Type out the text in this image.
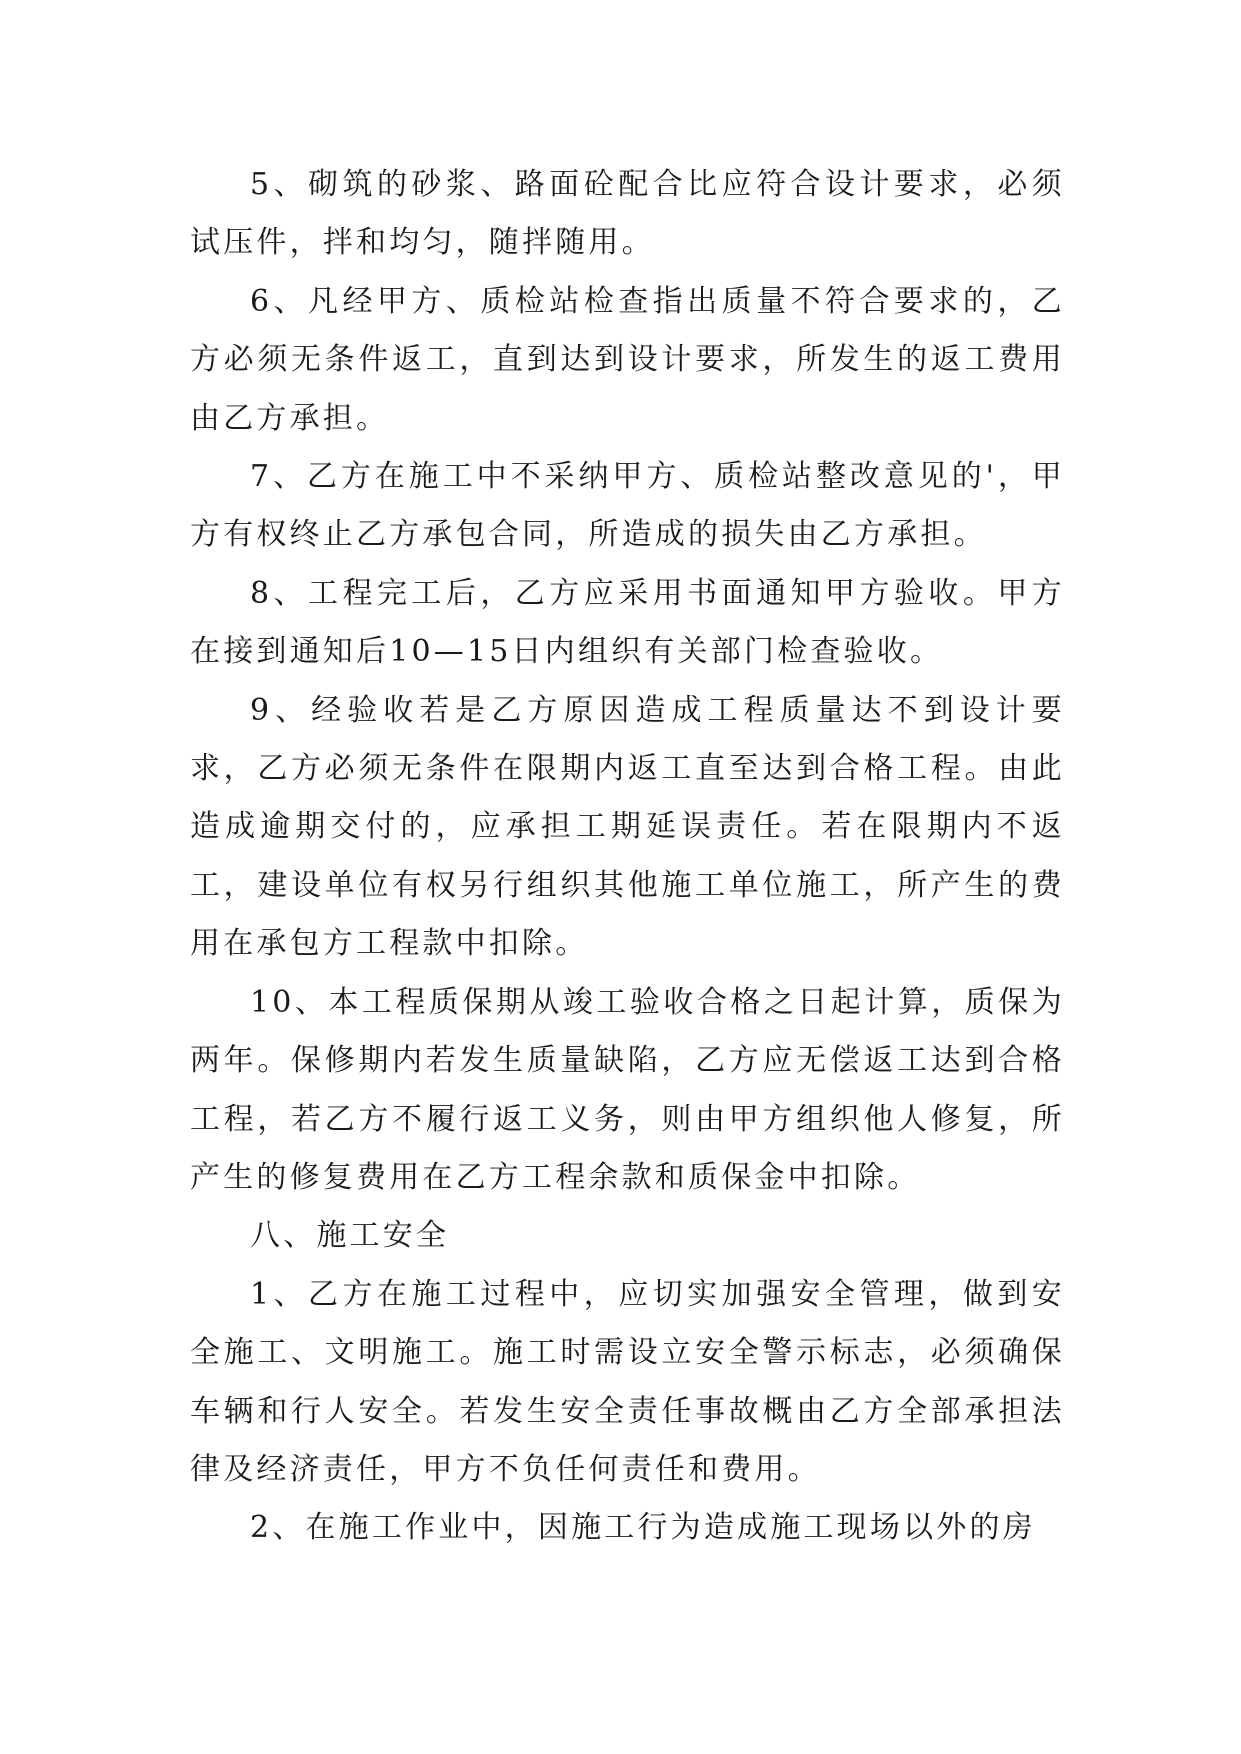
5、砌筑的砂浆、路面砼配合比应符合设计要求，必须试压件，拌和均匀，随拌随用。

6、凡经甲方、质检站检查指出质量不符合要求的，乙方必须无条件返工，直到达到设计要求，所发生的返工费用由乙方承担。

7、乙方在施工中不采纳甲方、质检站整改意见的'，甲方有权终止乙方承包合同，所造成的损失由乙方承担。

8、工程完工后，乙方应采用书面通知甲方验收。甲方在接到通知后10—15日内组织有关部门检查验收。

9、经验收若是乙方原因造成工程质量达不到设计要求，乙方必须无条件在限期内返工直至达到合格工程。由此造成逾期交付的，应承担工期延误责任。若在限期内不返工，建设单位有权另行组织其他施工单位施工，所产生的费用在承包方工程款中扣除。

10、本工程质保期从竣工验收合格之日起计算，质保为两年。保修期内若发生质量缺陷，乙方应无偿返工达到合格工程，若乙方不履行返工义务，则由甲方组织他人修复，所产生的修复费用在乙方工程余款和质保金中扣除。

八、施工安全

1、乙方在施工过程中，应切实加强安全管理，做到安全施工、文明施工。施工时需设立安全警示标志，必须确保车辆和行人安全。若发生安全责任事故概由乙方全部承担法律及经济责任，甲方不负任何责任和费用。

2、在施工作业中，因施工行为造成施工现场以外的房
